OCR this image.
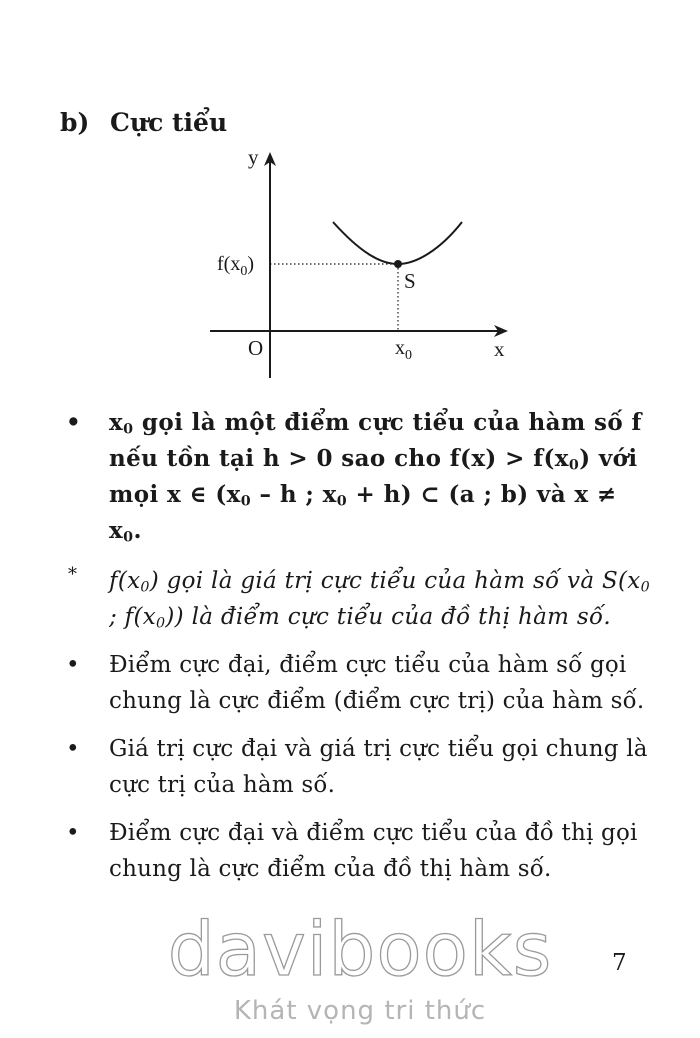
b) Cực tiểu
y
x
O
S
$f(x_0)$
$x_0$
• $x_0$ gọi là một điểm cực tiểu của hàm số f nếu tồn tại h > 0 sao cho $f(x) > f(x_0)$ với mọi x ∈ ($x_0$ – h ; $x_0 + h$) ⊂ (a ; b) và $x \ne x_0$.
* $f(x_0)$ gọi là giá trị cực tiểu của hàm số và $S(x_0$ ; $f(x_0)$) là điểm cực tiểu của đồ thị hàm số.
• Điểm cực đại, điểm cực tiểu của hàm số gọi chung là cực điểm (điểm cực trị) của hàm số.
• Giá trị cực đại và giá trị cực tiểu gọi chung là cực trị của hàm số.
• Điểm cực đại và điểm cực tiểu của đồ thị gọi chung là cực điểm của đồ thị hàm số.
davibooks
Khát vọng tri thức

7
